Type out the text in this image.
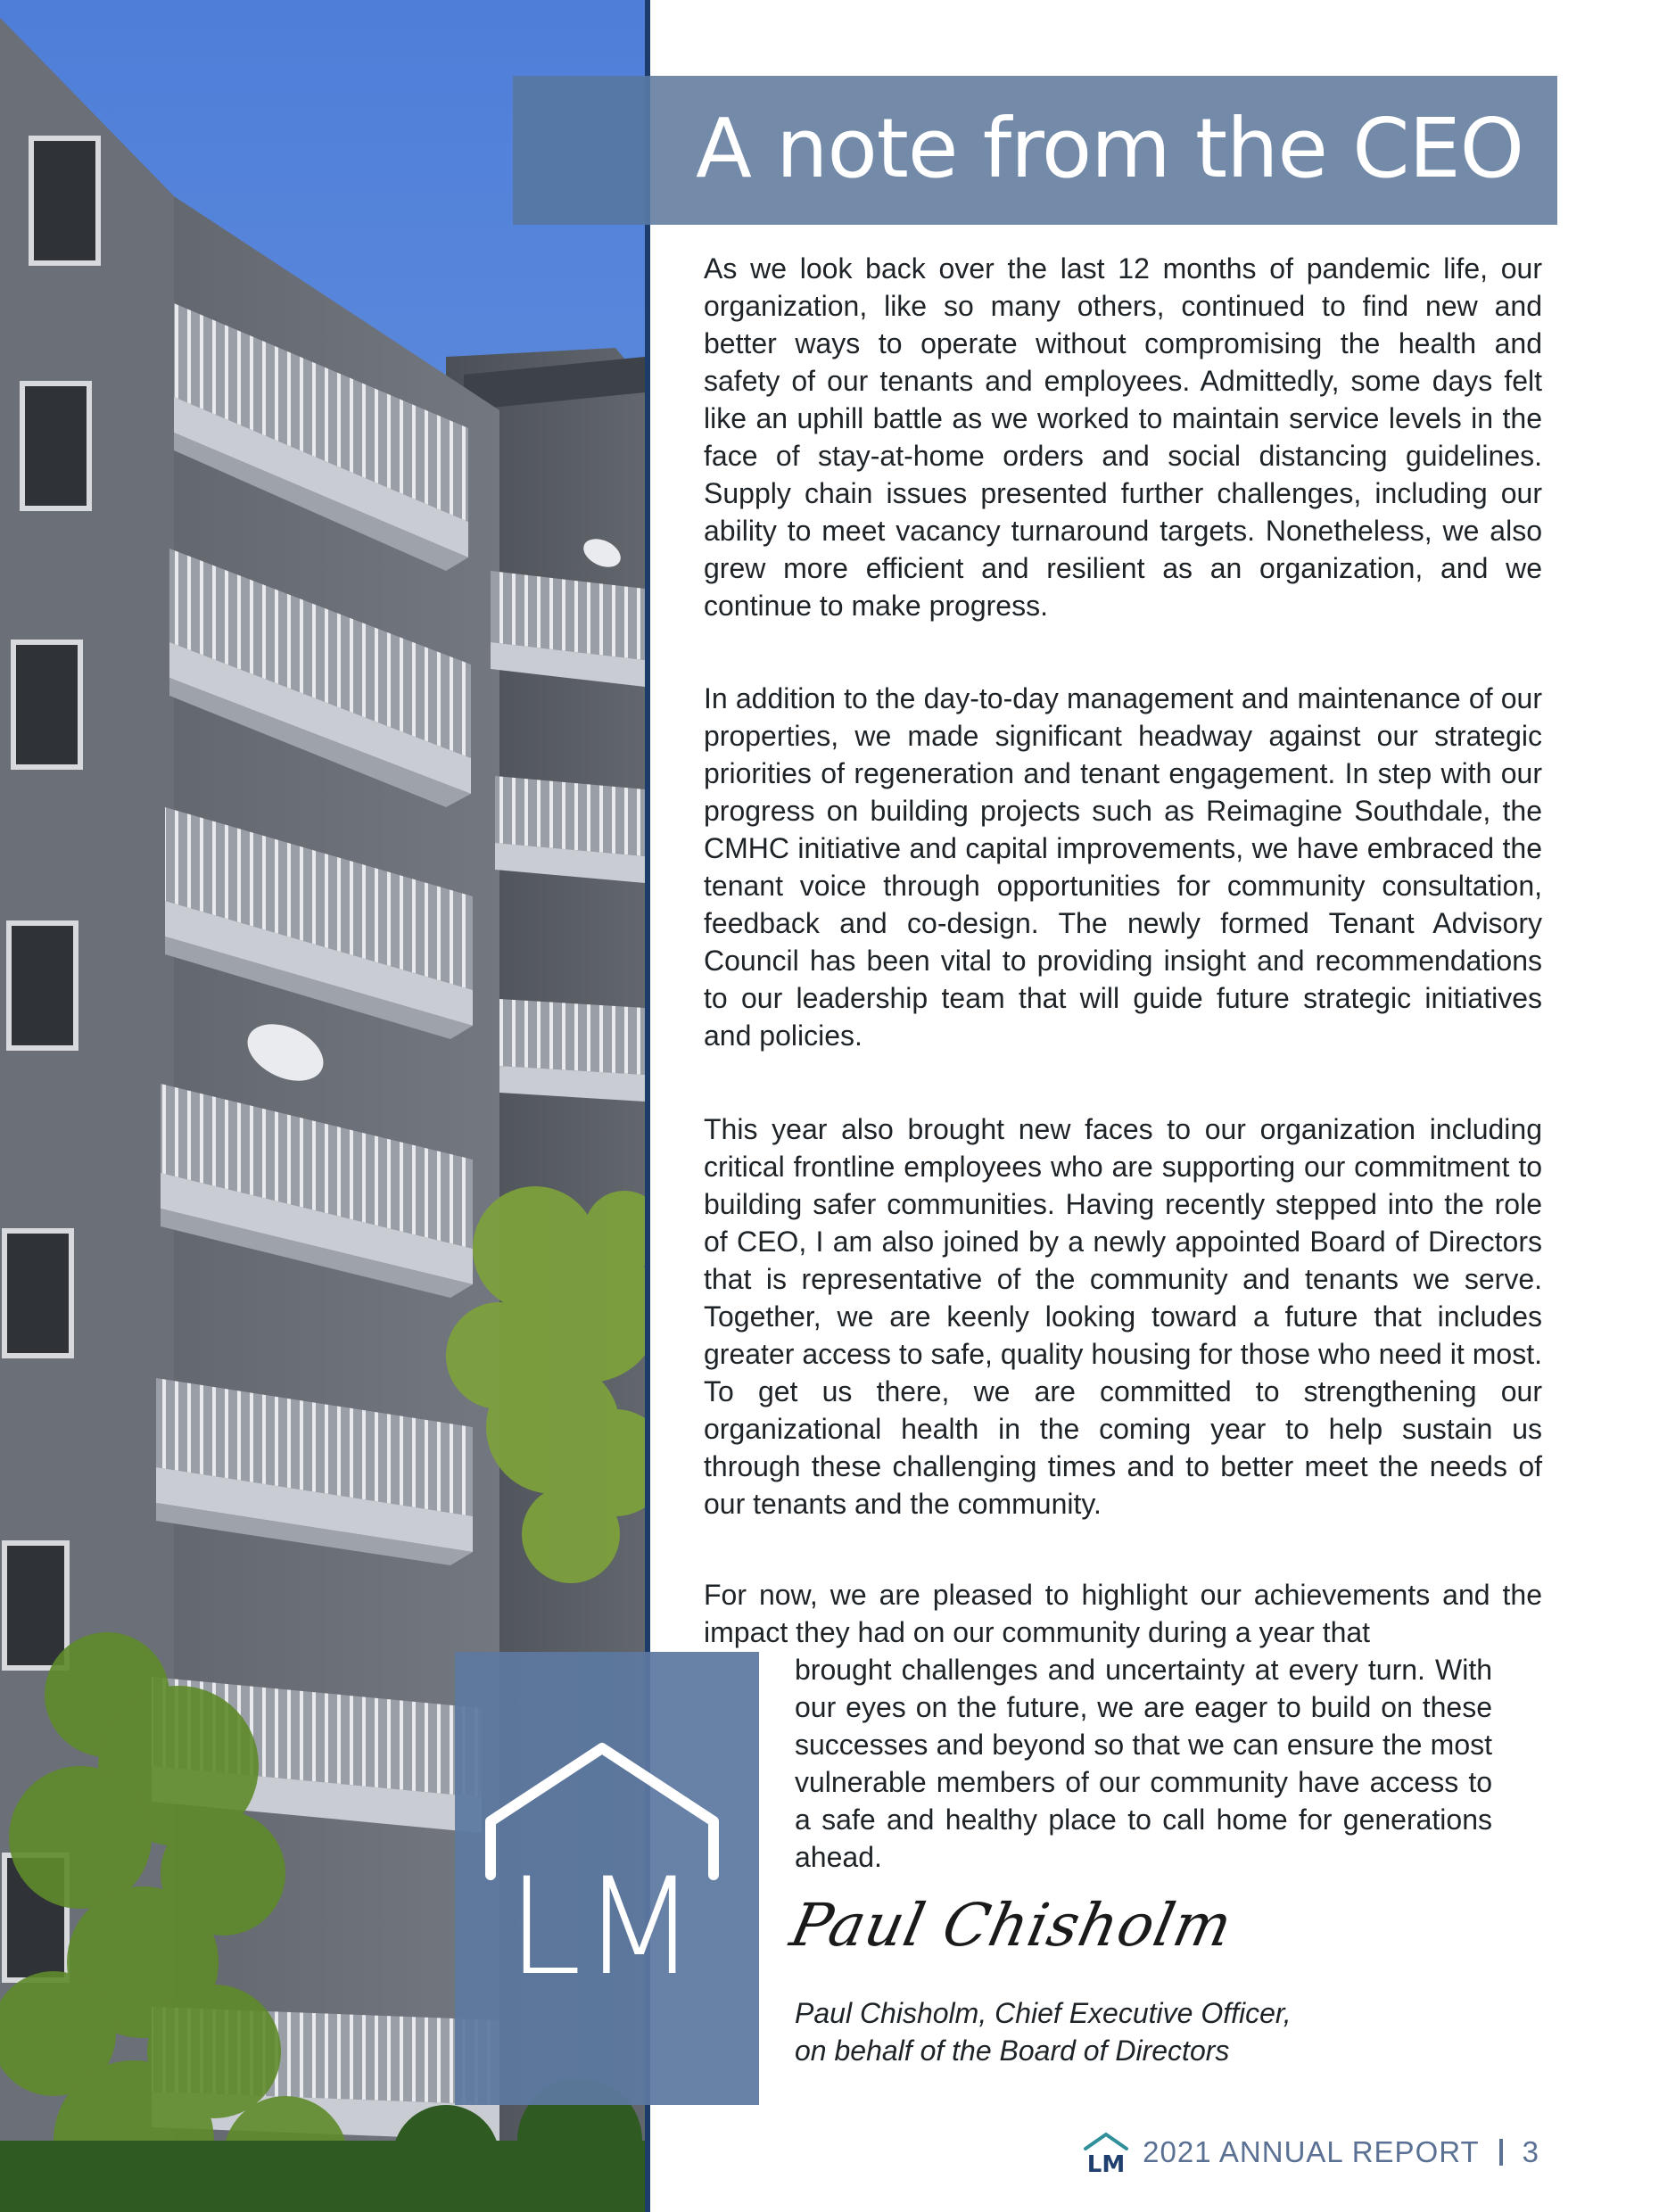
A note from the CEO

As we look back over the last 12 months of pandemic life, our organization, like so many others, continued to find new and better ways to operate without compromising the health and safety of our tenants and employees. Admittedly, some days felt like an uphill battle as we worked to maintain service levels in the face of stay-at-home orders and social distancing guidelines. Supply chain issues presented further challenges, including our ability to meet vacancy turnaround targets. Nonetheless, we also grew more efficient and resilient as an organization, and we continue to make progress.

In addition to the day-to-day management and maintenance of our properties, we made significant headway against our strategic priorities of regeneration and tenant engagement. In step with our progress on building projects such as Reimagine Southdale, the CMHC initiative and capital improvements, we have embraced the tenant voice through opportunities for community consultation, feedback and co-design. The newly formed Tenant Advisory Council has been vital to providing insight and recommendations to our leadership team that will guide future strategic initiatives and policies.

This year also brought new faces to our organization including critical frontline employees who are supporting our commitment to building safer communities. Having recently stepped into the role of CEO, I am also joined by a newly appointed Board of Directors that is representative of the community and tenants we serve. Together, we are keenly looking toward a future that includes greater access to safe, quality housing for those who need it most. To get us there, we are committed to strengthening our organizational health in the coming year to help sustain us through these challenging times and to better meet the needs of our tenants and the community.

For now, we are pleased to highlight our achievements and the impact they had on our community during a year that

brought challenges and uncertainty at every turn. With our eyes on the future, we are eager to build on these successes and beyond so that we can ensure the most vulnerable members of our community have access to a safe and healthy place to call home for generations ahead.

LM Paul Chisholm
Paul Chisholm, Chief Executive Officer,
on behalf of the Board of Directors
LM 2021 ANNUAL REPORT 3
